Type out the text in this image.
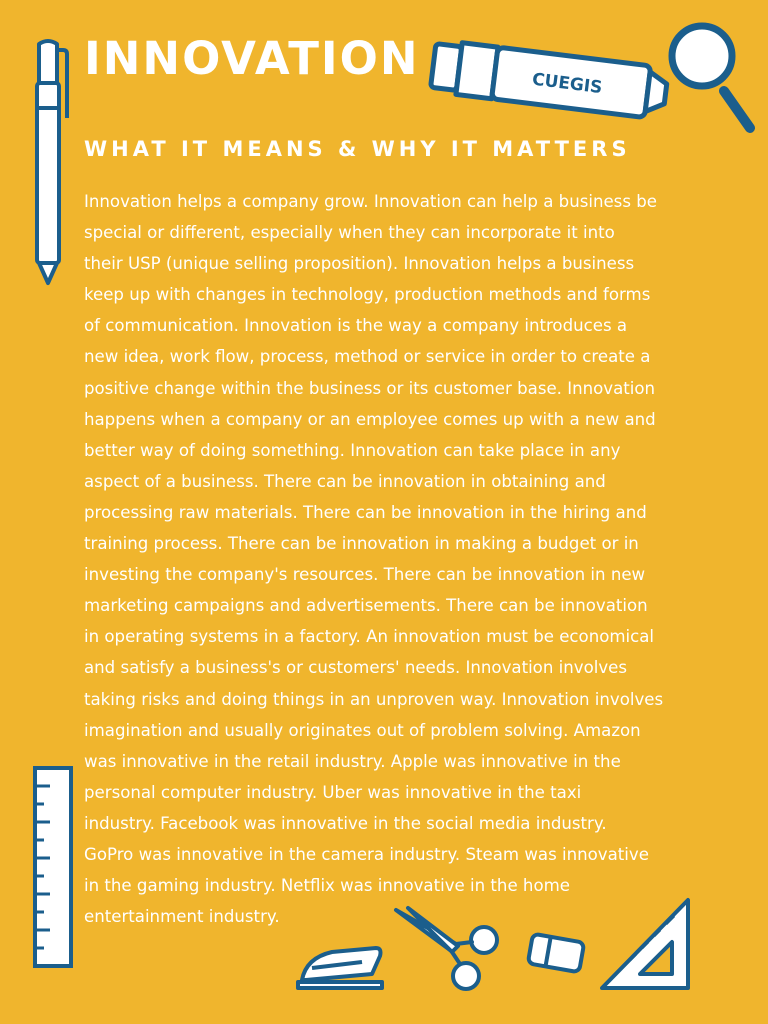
INNOVATION	CUEGIS
WHAT IT MEANS & WHY IT MATTERS

Innovation helps a company grow. Innovation can help a business be
special or different, especially when they can incorporate it into
their USP (unique selling proposition). Innovation helps a business
keep up with changes in technology, production methods and forms
of communication. Innovation is the way a company introduces a
new idea, work flow, process, method or service in order to create a
positive change within the business or its customer base. Innovation
happens when a company or an employee comes up with a new and
better way of doing something. Innovation can take place in any
aspect of a business. There can be innovation in obtaining and
processing raw materials. There can be innovation in the hiring and
training process. There can be innovation in making a budget or in
investing the company's resources. There can be innovation in new
marketing campaigns and advertisements. There can be innovation
in operating systems in a factory. An innovation must be economical
and satisfy a business's or customers' needs. Innovation involves
taking risks and doing things in an unproven way. Innovation involves
imagination and usually originates out of problem solving. Amazon
was innovative in the retail industry. Apple was innovative in the
personal computer industry. Uber was innovative in the taxi
industry. Facebook was innovative in the social media industry.
GoPro was innovative in the camera industry. Steam was innovative
in the gaming industry. Netflix was innovative in the home
entertainment industry.
